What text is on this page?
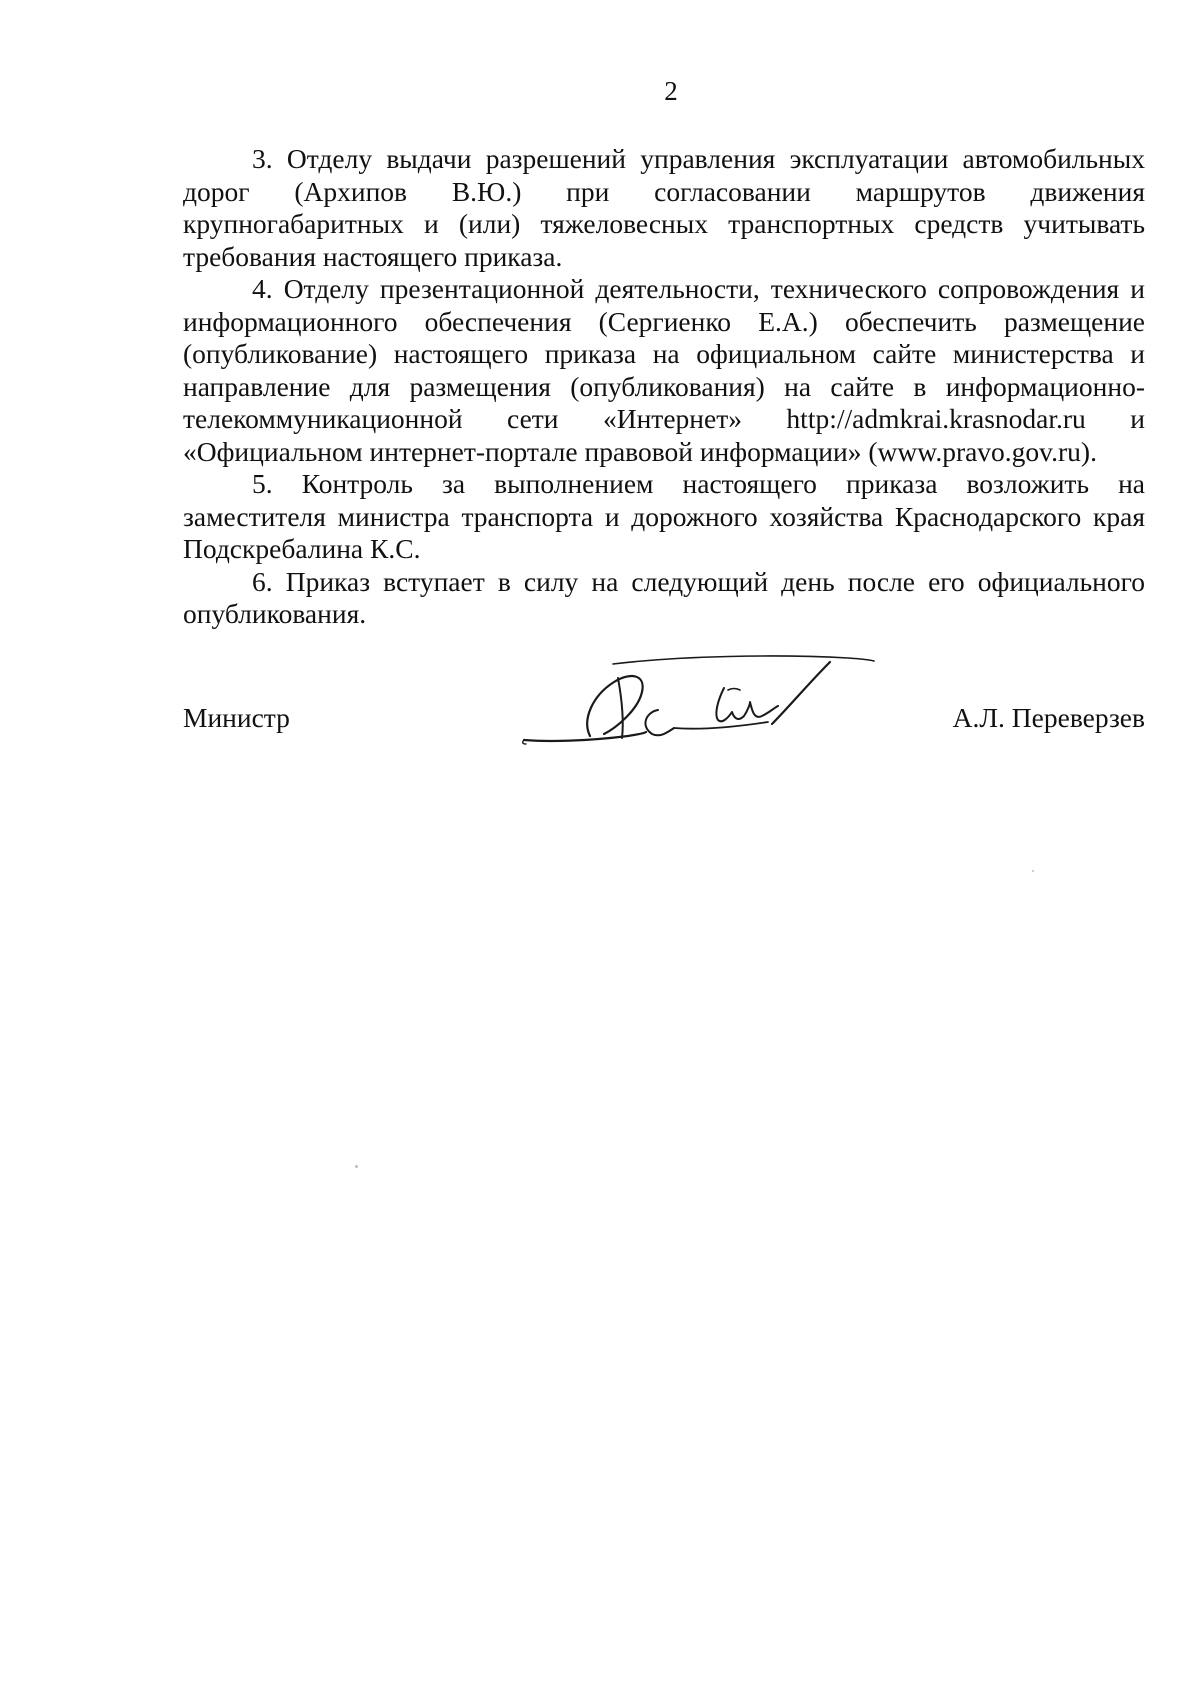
2

3. Отделу выдачи разрешений управления эксплуатации автомобильных
дорог (Архипов В.Ю.) при согласовании маршрутов движения
крупногабаритных и (или) тяжеловесных транспортных средств учитывать
требования настоящего приказа.

4. Отделу презентационной деятельности, технического сопровождения и
информационного обеспечения (Сергиенко Е.А.) обеспечить размещение
(опубликование) настоящего приказа на официальном сайте министерства и
направление для размещения (опубликования) на сайте в информационно-
телекоммуникационной сети «Интернет» http://admkrai.krasnodar.ru и
«Официальном интернет-портале правовой информации» (www.pravo.gov.ru).

5. Контроль за выполнением настоящего приказа возложить на
заместителя министра транспорта и дорожного хозяйства Краснодарского края
Подскребалина К.С.

6. Приказ вступает в силу на следующий день после его официального
опубликования.

Министр	А.Л. Переверзев
